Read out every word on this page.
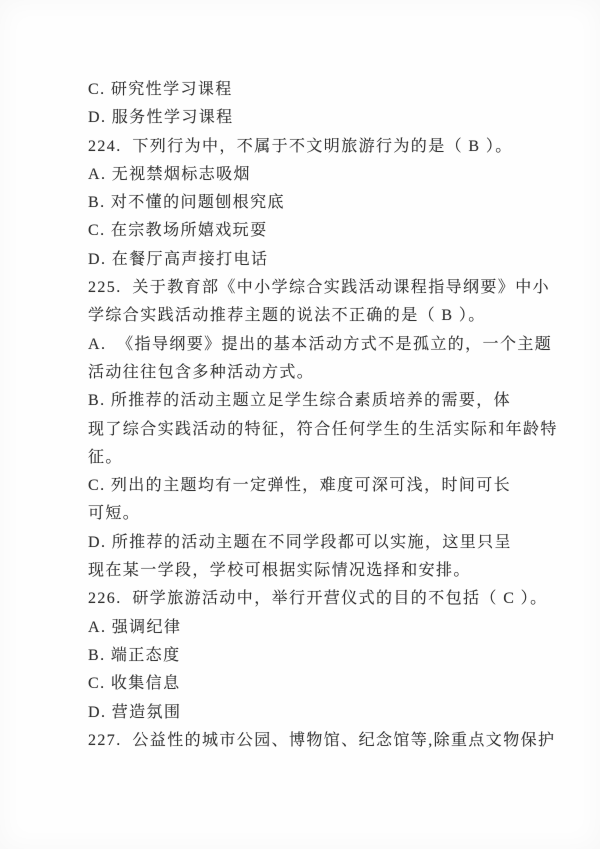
C. 研究性学习课程
D. 服务性学习课程
224.  下列行为中，不属于不文明旅游行为的是（ B ）。
A. 无视禁烟标志吸烟
B. 对不懂的问题刨根究底
C. 在宗教场所嬉戏玩耍
D. 在餐厅高声接打电话
225.  关于教育部《中小学综合实践活动课程指导纲要》中小
学综合实践活动推荐主题的说法不正确的是（ B ）。
A.  《指导纲要》提出的基本活动方式不是孤立的，一个主题
活动往往包含多种活动方式。
B. 所推荐的活动主题立足学生综合素质培养的需要，体
现了综合实践活动的特征，符合任何学生的生活实际和年龄特
征。
C. 列出的主题均有一定弹性，难度可深可浅，时间可长
可短。
D. 所推荐的活动主题在不同学段都可以实施，这里只呈
现在某一学段，学校可根据实际情况选择和安排。
226.  研学旅游活动中，举行开营仪式的目的不包括（ C ）。
A. 强调纪律
B. 端正态度
C. 收集信息
D. 营造氛围
227.  公益性的城市公园、博物馆、纪念馆等,除重点文物保护
